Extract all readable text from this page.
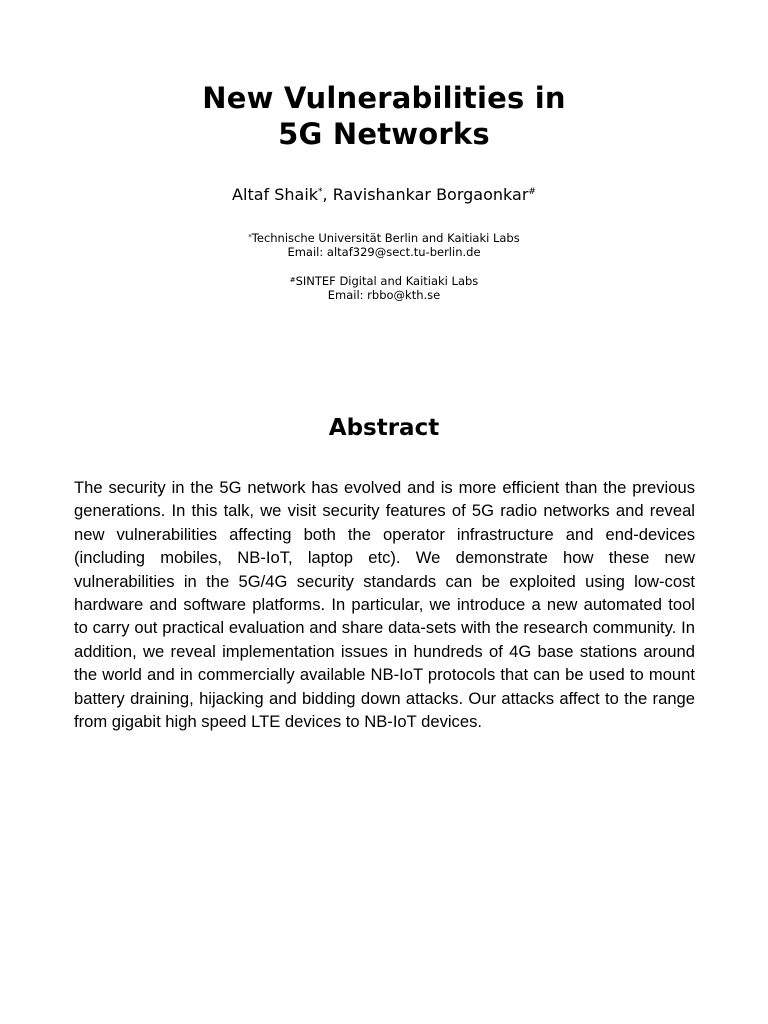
New Vulnerabilities in
5G Networks
Altaf Shaik*, Ravishankar Borgaonkar#
*Technische Universität Berlin and Kaitiaki Labs
Email: altaf329@sect.tu-berlin.de
#SINTEF Digital and Kaitiaki Labs
Email: rbbo@kth.se
Abstract

The security in the 5G network has evolved and is more efficient than the previous generations. In this talk, we visit security features of 5G radio networks and reveal new vulnerabilities affecting both the operator infrastructure and end-devices (including mobiles, NB-IoT, laptop etc). We demonstrate how these new vulnerabilities in the 5G/4G security standards can be exploited using low-cost hardware and software platforms. In particular, we introduce a new automated tool to carry out practical evaluation and share data-sets with the research community. In addition, we reveal implementation issues in hundreds of 4G base stations around the world and in commercially available NB-IoT protocols that can be used to mount battery draining, hijacking and bidding down attacks. Our attacks affect to the range from gigabit high speed LTE devices to NB-IoT devices.
